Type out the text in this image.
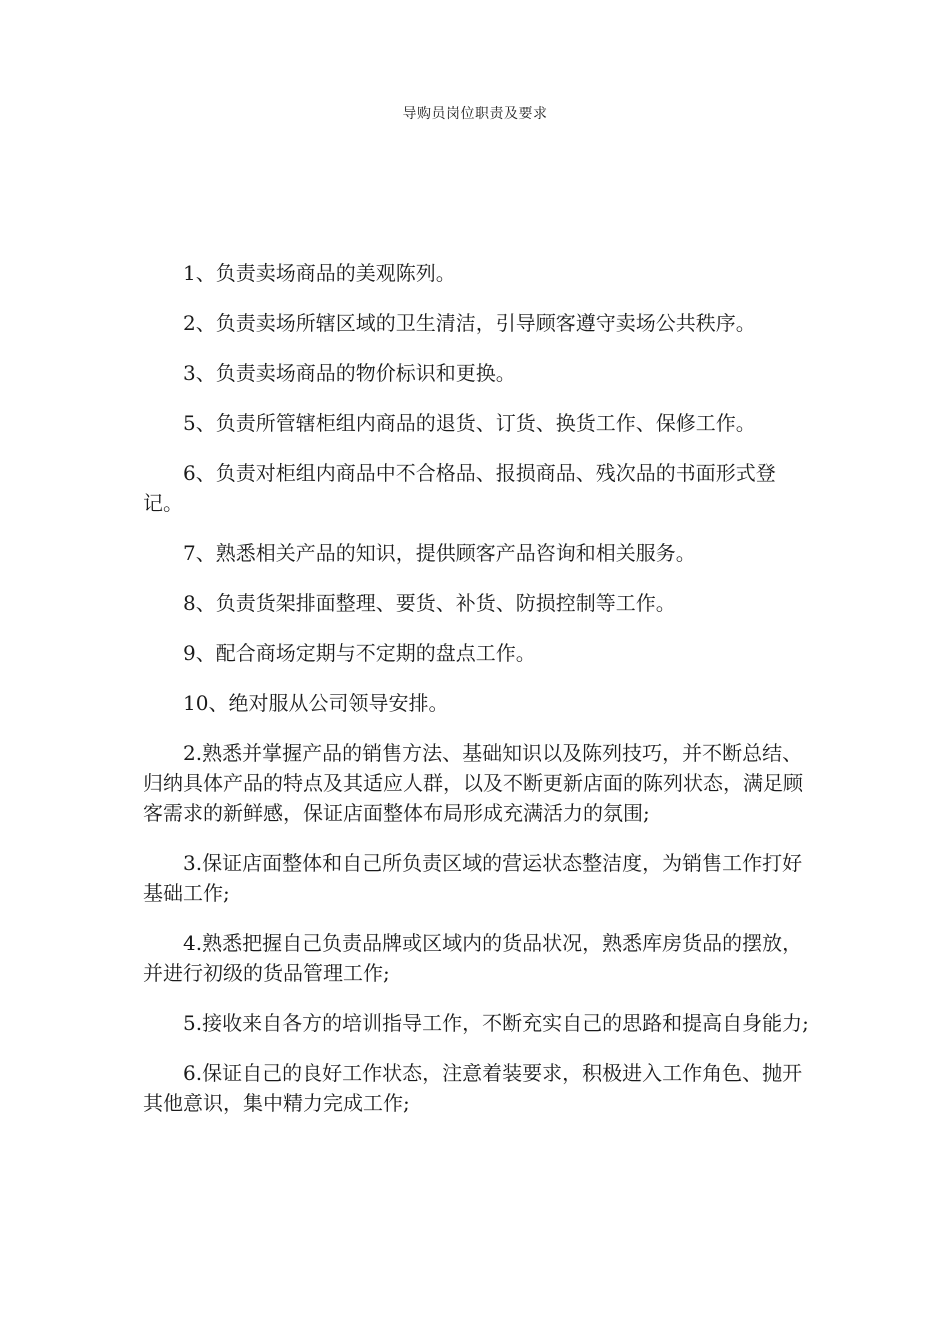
导购员岗位职责及要求

1、负责卖场商品的美观陈列。

2、负责卖场所辖区域的卫生清洁，引导顾客遵守卖场公共秩序。

3、负责卖场商品的物价标识和更换。

5、负责所管辖柜组内商品的退货、订货、换货工作、保修工作。

6、负责对柜组内商品中不合格品、报损商品、残次品的书面形式登记。

7、熟悉相关产品的知识，提供顾客产品咨询和相关服务。

8、负责货架排面整理、要货、补货、防损控制等工作。

9、配合商场定期与不定期的盘点工作。

10、绝对服从公司领导安排。

2.熟悉并掌握产品的销售方法、基础知识以及陈列技巧，并不断总结、归纳具体产品的特点及其适应人群，以及不断更新店面的陈列状态，满足顾客需求的新鲜感，保证店面整体布局形成充满活力的氛围;

3.保证店面整体和自己所负责区域的营运状态整洁度，为销售工作打好基础工作;

4.熟悉把握自己负责品牌或区域内的货品状况，熟悉库房货品的摆放，并进行初级的货品管理工作;

5.接收来自各方的培训指导工作，不断充实自己的思路和提高自身能力;

6.保证自己的良好工作状态，注意着装要求，积极进入工作角色、抛开其他意识，集中精力完成工作;
